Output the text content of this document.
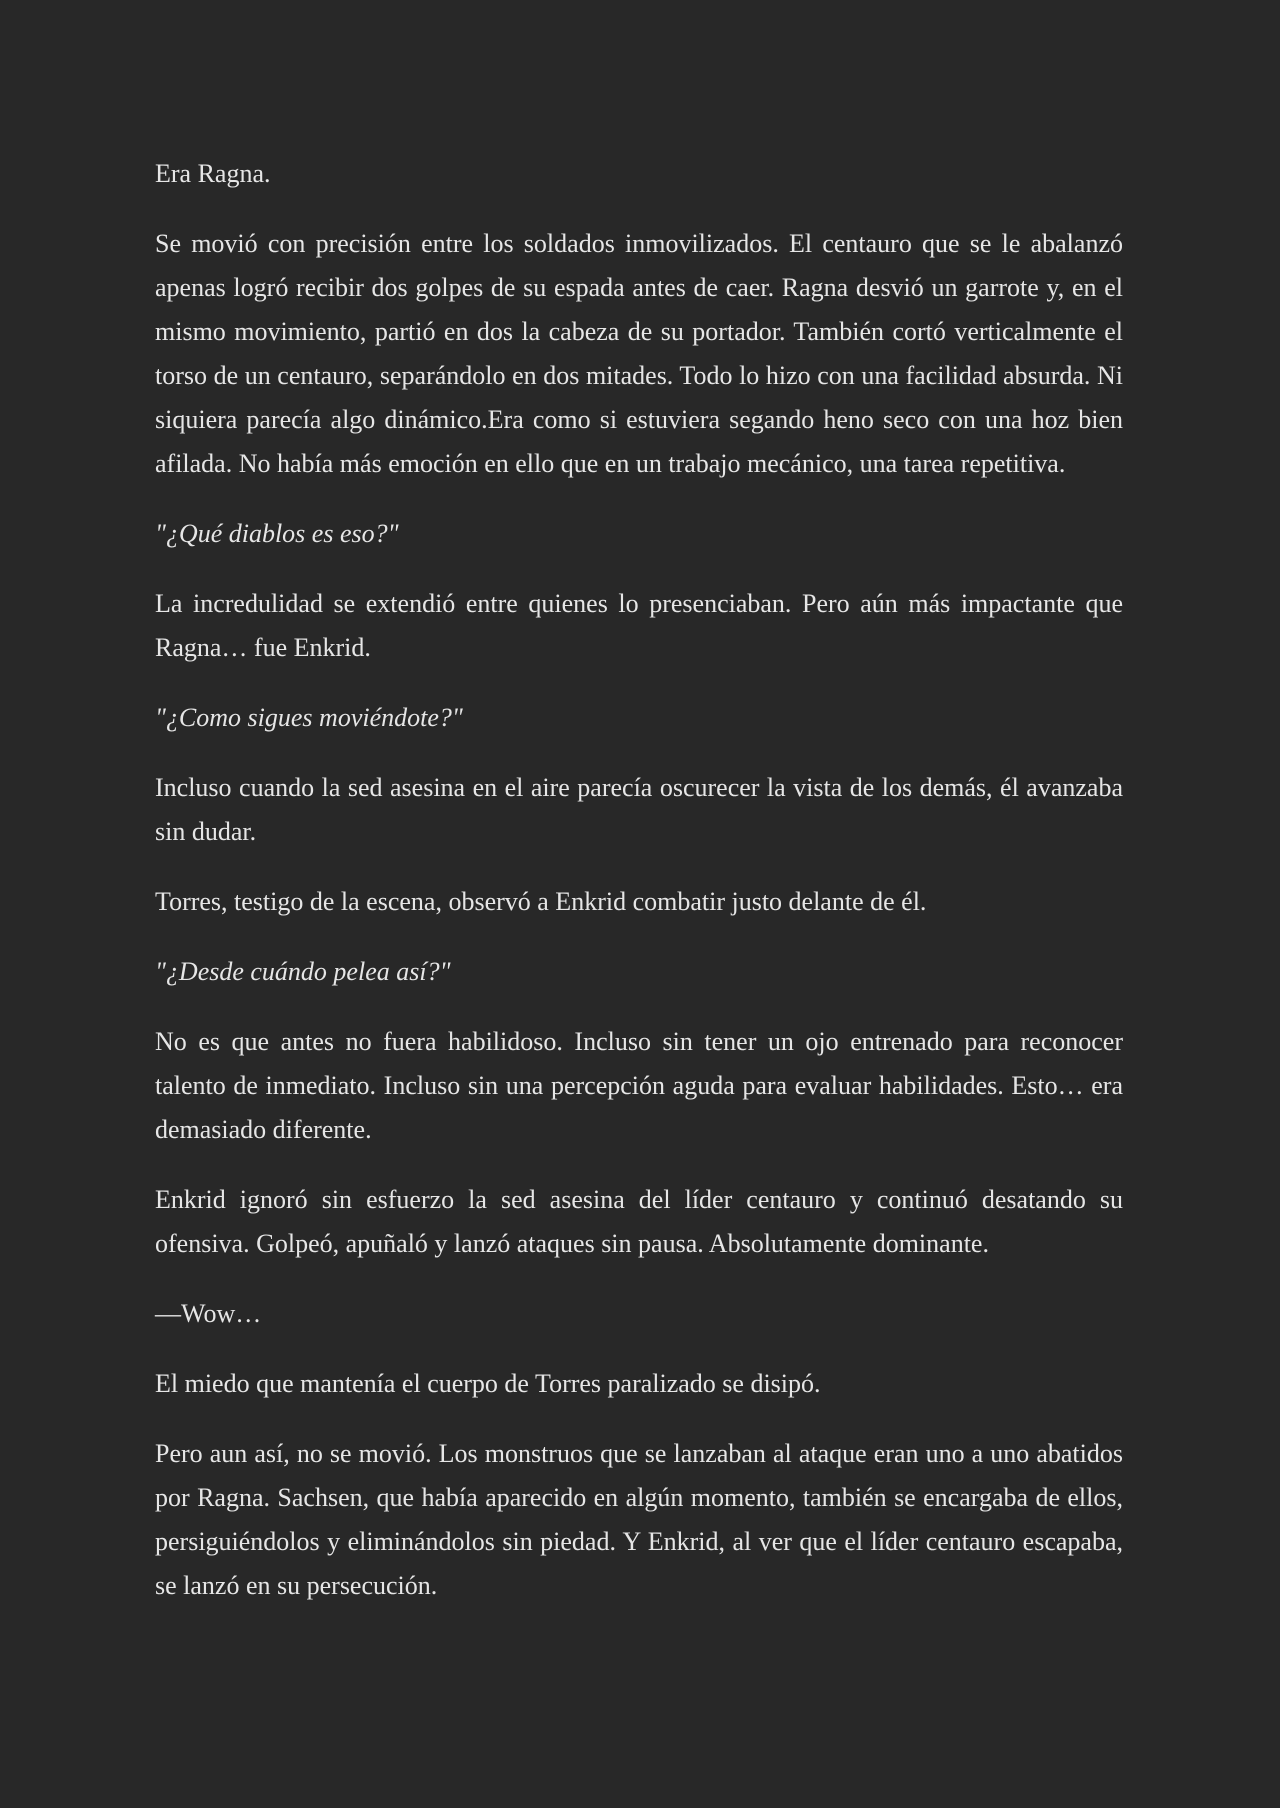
Era Ragna.

Se movió con precisión entre los soldados inmovilizados. El centauro que se le abalanzó apenas logró recibir dos golpes de su espada antes de caer. Ragna desvió un garrote y, en el mismo movimiento, partió en dos la cabeza de su portador. También cortó verticalmente el torso de un centauro, separándolo en dos mitades. Todo lo hizo con una facilidad absurda. Ni siquiera parecía algo dinámico.Era como si estuviera segando heno seco con una hoz bien afilada. No había más emoción en ello que en un trabajo mecánico, una tarea repetitiva.

"¿Qué diablos es eso?"

La incredulidad se extendió entre quienes lo presenciaban. Pero aún más impactante que Ragna… fue Enkrid.

"¿Como sigues moviéndote?"

Incluso cuando la sed asesina en el aire parecía oscurecer la vista de los demás, él avanzaba sin dudar.

Torres, testigo de la escena, observó a Enkrid combatir justo delante de él.

"¿Desde cuándo pelea así?"

No es que antes no fuera habilidoso. Incluso sin tener un ojo entrenado para reconocer talento de inmediato. Incluso sin una percepción aguda para evaluar habilidades. Esto… era demasiado diferente.

Enkrid ignoró sin esfuerzo la sed asesina del líder centauro y continuó desatando su ofensiva. Golpeó, apuñaló y lanzó ataques sin pausa. Absolutamente dominante.

—Wow…

El miedo que mantenía el cuerpo de Torres paralizado se disipó.

Pero aun así, no se movió. Los monstruos que se lanzaban al ataque eran uno a uno abatidos por Ragna. Sachsen, que había aparecido en algún momento, también se encargaba de ellos, persiguiéndolos y eliminándolos sin piedad. Y Enkrid, al ver que el líder centauro escapaba, se lanzó en su persecución.
